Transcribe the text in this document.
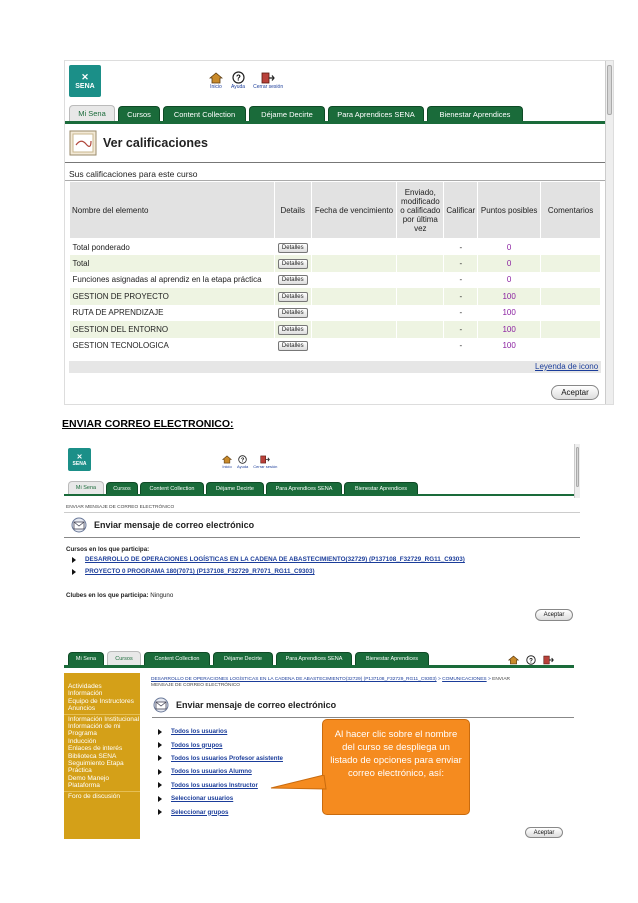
✕
SENA	Inicio
?
Ayuda Cerrar sesión
Mi Sena	Cursos	Content Collection	Déjame Decirte	Para Aprendices SENA	Bienestar Aprendices
Ver calificaciones
Sus calificaciones para este curso
Nombre del elemento	Details	Fecha de vencimiento	Enviado, modificado o calificado por última vez	Calificar	Puntos posibles	Comentarios
Total ponderado	Detalles			-	0	
Total	Detalles			-	0	
Funciones asignadas al aprendiz en la etapa práctica	Detalles			-	0	
GESTION DE PROYECTO	Detalles			-	100	
RUTA DE APRENDIZAJE	Detalles			-	100	
GESTION DEL ENTORNO	Detalles			-	100	
GESTION TECNOLOGICA	Detalles			-	100	
Leyenda de icono
Aceptar
ENVIAR CORREO ELECTRONICO:
✕
SENA	Inicio
?
Ayuda Cerrar sesión
Mi Sena	Cursos	Content Collection	Déjame Decirte	Para Aprendices SENA	Bienestar Aprendices
ENVIAR MENSAJE DE CORREO ELECTRÓNICO
Enviar mensaje de correo electrónico
Cursos en los que participa:
DESARROLLO DE OPERACIONES LOGÍSTICAS EN LA CADENA DE ABASTECIMIENTO(32729) (P137108_F32729_RG11_C9303)
PROYECTO 0 PROGRAMA 180(7071) (P137108_F32729_R7071_RG11_C9303)
Clubes en los que participa: Ninguno
Aceptar
Mi Sena	Cursos	Content Collection	Déjame Decirte	Para Aprendices SENA	Bienestar Aprendices	?
Actividades
Información
Equipo de Instructores
Anuncios
Información Institucional
Información de mi Programa
Inducción
Enlaces de interés
Biblioteca SENA
Seguimiento Etapa Práctica
Demo Manejo Plataforma
Foro de discusión
DESARROLLO DE OPERACIONES LOGÍSTICAS EN LA CADENA DE ABASTECIMIENTO(32729) (P137108_F32729_RG11_C9303) > COMUNICACIONES > ENVIAR MENSAJE DE CORREO ELECTRÓNICO
Enviar mensaje de correo electrónico
Todos los usuarios
Todos los grupos
Todos los usuarios Profesor asistente
Todos los usuarios Alumno
Todos los usuarios Instructor
Seleccionar usuarios
Seleccionar grupos
Al hacer clic sobre el nombre del curso se despliega un listado de opciones para enviar correo electrónico, así:
Aceptar
